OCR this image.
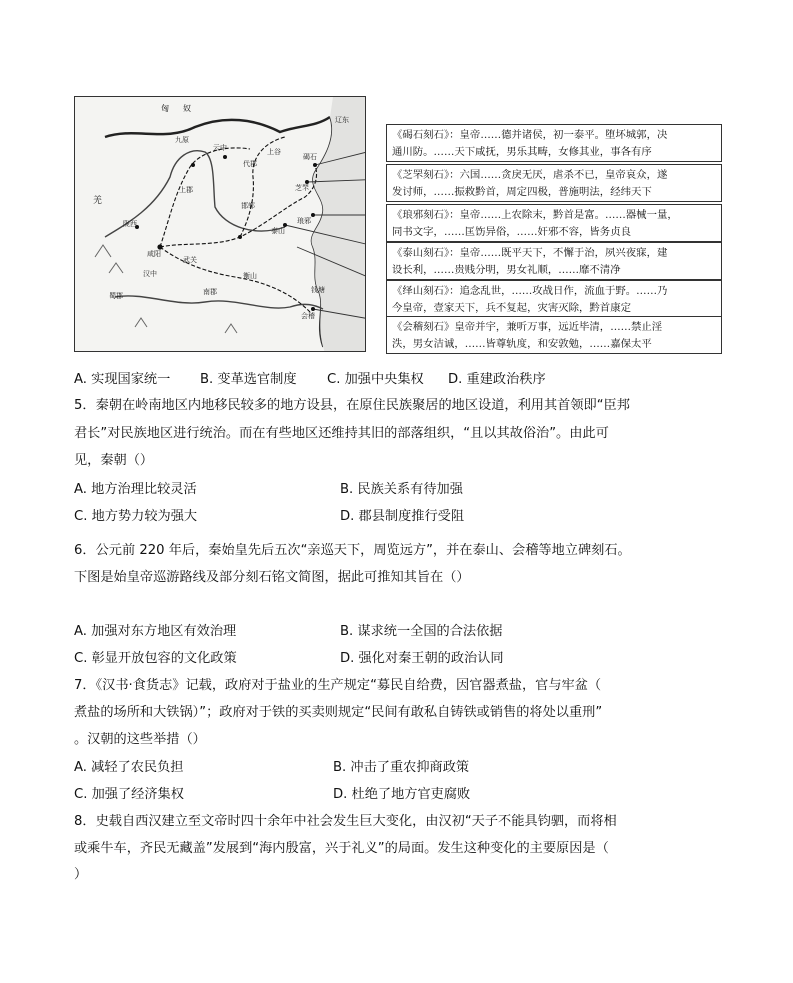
匈奴
羌
陇西
咸阳
上郡
邯郸
琅邪
泰山
会稽
碣石
芝罘
云中
九原
代郡
上谷
衡山
武关
南郡
汉中
钱塘
蜀郡
辽东
《碣石刻石》：皇帝……德并诸侯，初一泰平。堕坏城郭，决
通川防。……天下咸抚，男乐其畴，女修其业，事各有序
《芝罘刻石》：六国……贪戾无厌，虐杀不已，皇帝哀众，遂
发讨师，……振救黔首，周定四极，普施明法，经纬天下
《琅邪刻石》：皇帝……上农除末，黔首是富。……器械一量，
同书文字，……匡饬异俗，……奸邪不容，皆务贞良
《泰山刻石》：皇帝……既平天下，不懈于治，夙兴夜寐，建
设长利，……贵贱分明，男女礼顺，……靡不清净
《绎山刻石》：追念乱世，……攻战日作，流血于野。……乃
今皇帝，壹家天下，兵不复起，灾害灭除，黔首康定
《会稽刻石》皇帝并宇，兼听万事，远近毕清，……禁止淫
泆，男女洁诚，……皆尊轨度，和安敦勉，……嘉保太平
A. 实现国家统一 B. 变革选官制度 C. 加强中央集权 D. 重建政治秩序
5．秦朝在岭南地区内地移民较多的地方设县，在原住民族聚居的地区设道，利用其首领即“臣邦
君长”对民族地区进行统治。而在有些地区还维持其旧的部落组织，“且以其故俗治”。由此可
见，秦朝（）
A. 地方治理比较灵活	B. 民族关系有待加强
C. 地方势力较为强大	D. 郡县制度推行受阻
6．公元前 220 年后，秦始皇先后五次“亲巡天下，周览远方”，并在泰山、会稽等地立碑刻石。
下图是始皇帝巡游路线及部分刻石铭文简图，据此可推知其旨在（）
A. 加强对东方地区有效治理	B. 谋求统一全国的合法依据
C. 彰显开放包容的文化政策	D. 强化对秦王朝的政治认同
7．《汉书·食货志》记载，政府对于盐业的生产规定“募民自给费，因官器煮盐，官与牢盆（
煮盐的场所和大铁锅）”；政府对于铁的买卖则规定“民间有敢私自铸铁或销售的将处以重刑”
。汉朝的这些举措（）
A. 减轻了农民负担	B. 冲击了重农抑商政策
C. 加强了经济集权	D. 杜绝了地方官吏腐败
8．史载自西汉建立至文帝时四十余年中社会发生巨大变化，由汉初“天子不能具钧驷，而将相
或乘牛车，齐民无藏盖”发展到“海内殷富，兴于礼义”的局面。发生这种变化的主要原因是（
）
